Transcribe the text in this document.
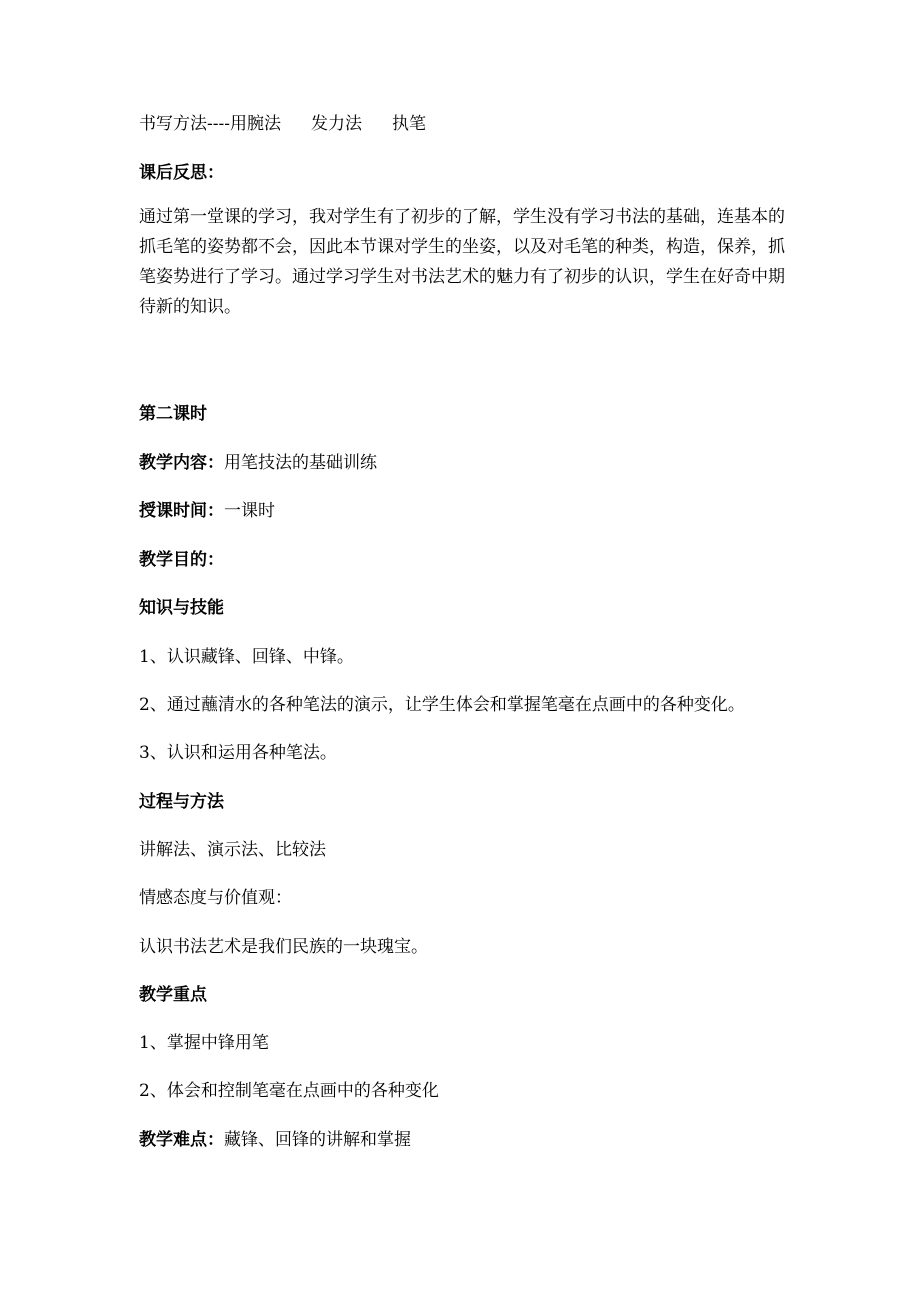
书写方法----用腕法 发力法 执笔
课后反思：
通过第一堂课的学习，我对学生有了初步的了解，学生没有学习书法的基础，连基本的抓毛笔的姿势都不会，因此本节课对学生的坐姿，以及对毛笔的种类，构造，保养，抓笔姿势进行了学习。通过学习学生对书法艺术的魅力有了初步的认识，学生在好奇中期待新的知识。
第二课时
教学内容：用笔技法的基础训练
授课时间：一课时
教学目的：
知识与技能
1、认识藏锋、回锋、中锋。
2、通过蘸清水的各种笔法的演示，让学生体会和掌握笔毫在点画中的各种变化。
3、认识和运用各种笔法。
过程与方法
讲解法、演示法、比较法
情感态度与价值观：
认识书法艺术是我们民族的一块瑰宝。
教学重点
1、掌握中锋用笔
2、体会和控制笔毫在点画中的各种变化
教学难点：藏锋、回锋的讲解和掌握
